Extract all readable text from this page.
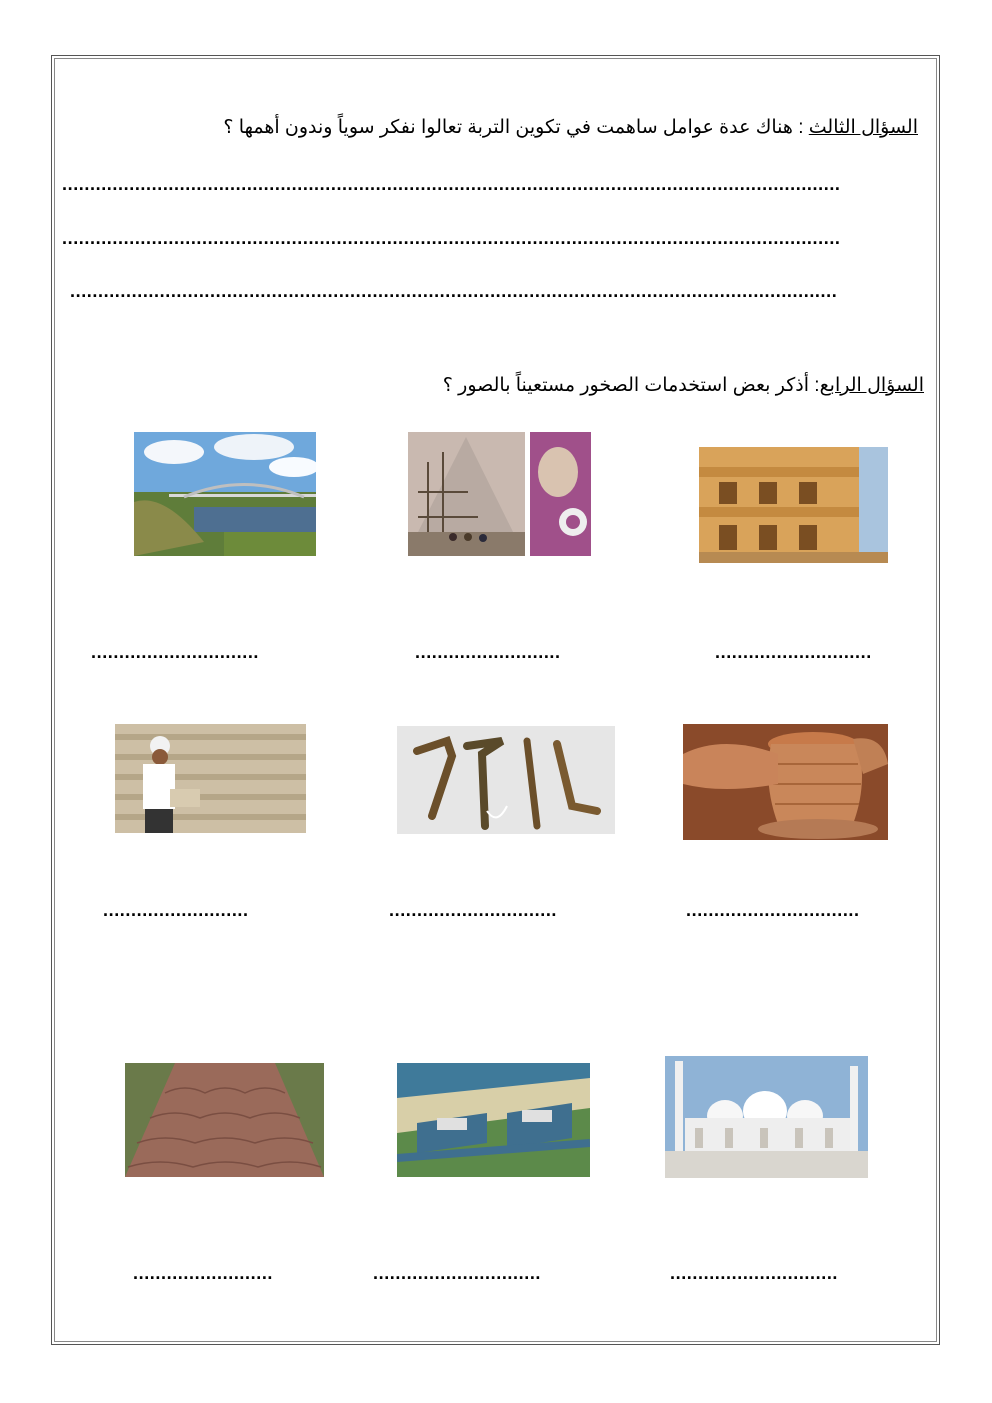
السؤال الثالث : هناك عدة عوامل ساهمت في تكوين التربة تعالوا نفكر سوياً وندون أهمها ؟
...........................................................................................................................................
...........................................................................................................................................
.........................................................................................................................................
السؤال الرابع: أذكر بعض استخدمات الصخور مستعيناً بالصور ؟
..............................	..........................	............................
..........................	..............................	...............................
.........................	..............................	..............................
